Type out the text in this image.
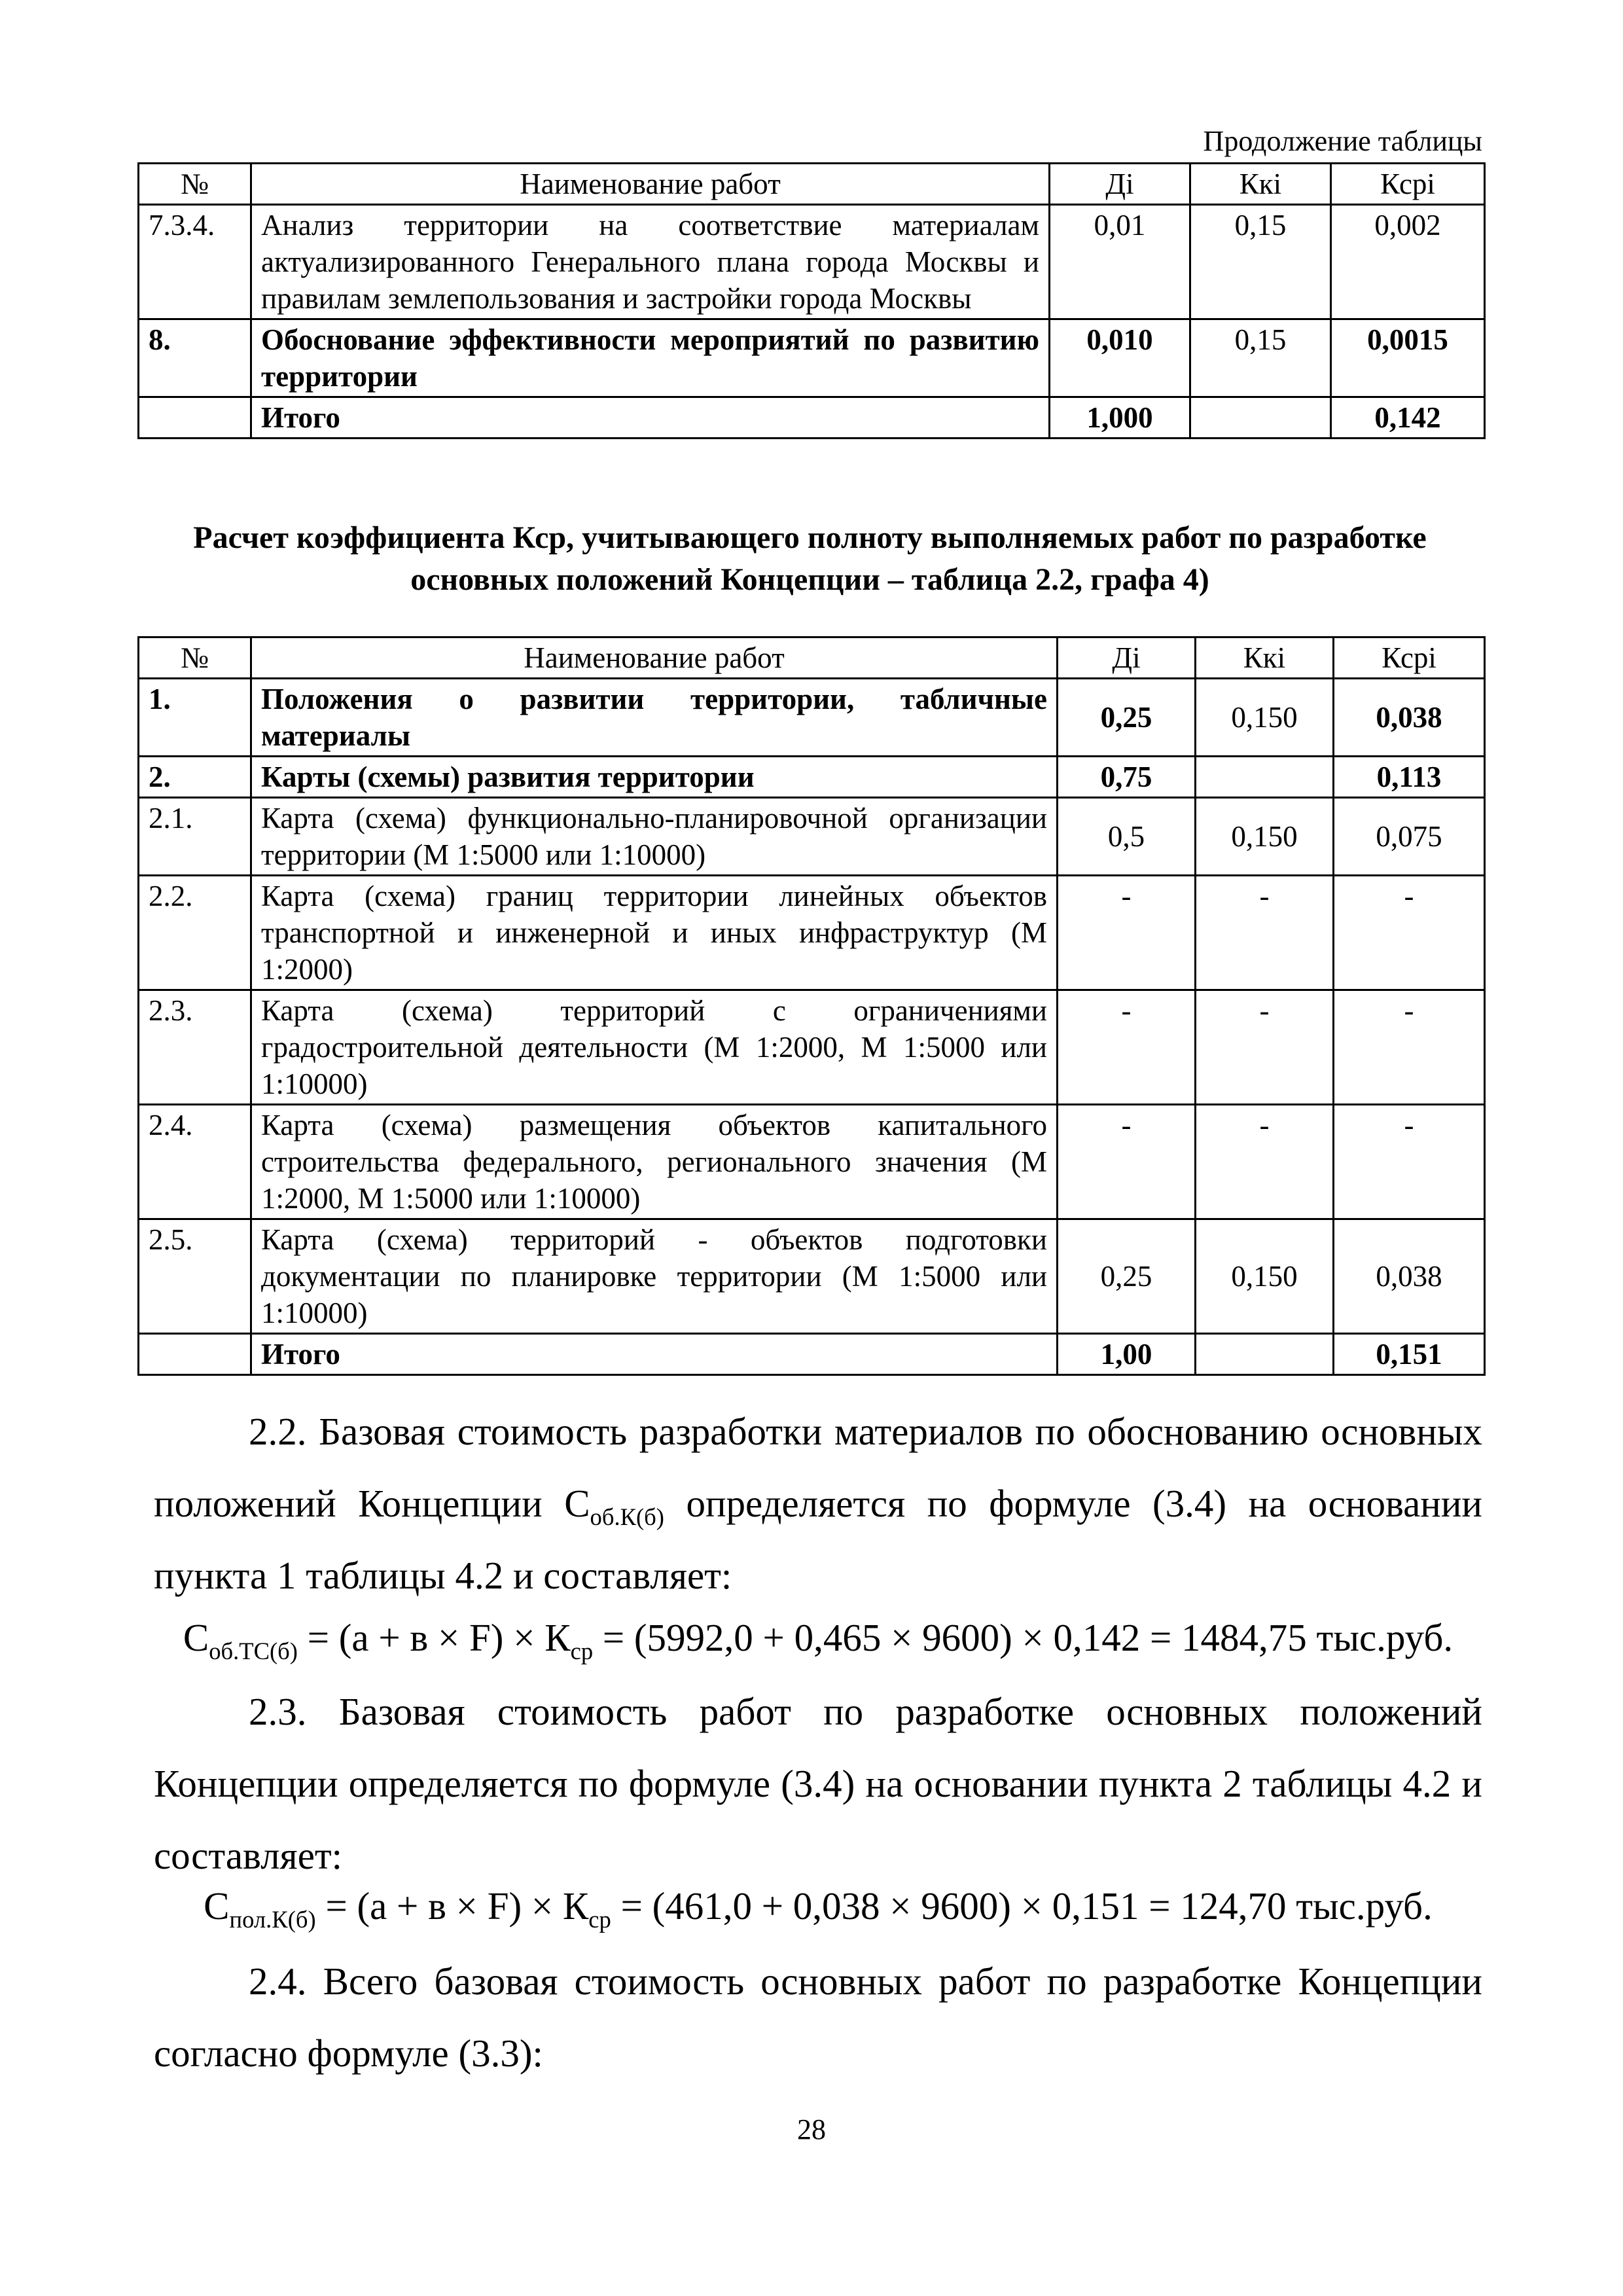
Продолжение таблицы
№	Наименование работ	Дi	Ккi	Ксрi
7.3.4.	Анализ территории на соответствие материалам актуализированного Генерального плана города Москвы и правилам землепользования и застройки города Москвы	0,01	0,15	0,002
8.	Обоснование эффективности мероприятий по развитию территории	0,010	0,15	0,0015
	Итого	1,000		0,142
Расчет коэффициента Кср, учитывающего полноту выполняемых работ по разработке основных положений Концепции – таблица 2.2, графа 4)
№	Наименование работ	Дi	Ккi	Ксрi
1.	Положения о развитии территории, табличные материалы	0,25	0,150	0,038
2.	Карты (схемы) развития территории	0,75		0,113
2.1.	Карта (схема) функционально-планировочной организации территории (М 1:5000 или 1:10000)	0,5	0,150	0,075
2.2.	Карта (схема) границ территории линейных объектов транспортной и инженерной и иных инфраструктур (М 1:2000)	-	-	-
2.3.	Карта (схема) территорий с ограничениями градостроительной деятельности (М 1:2000, М 1:5000 или 1:10000)	-	-	-
2.4.	Карта (схема) размещения объектов капитального строительства федерального, регионального значения (М 1:2000, М 1:5000 или 1:10000)	-	-	-
2.5.	Карта (схема) территорий - объектов подготовки документации по планировке территории (М 1:5000 или 1:10000)	0,25	0,150	0,038
	Итого	1,00		0,151
2.2. Базовая стоимость разработки материалов по обоснованию основных положений Концепции $С_{об.К(б)}$ определяется по формуле (3.4) на основании пункта 1 таблицы 4.2 и составляет:
$С_{об.ТС(б)} = (а + в \times F) \times К_{ср} = (5992,0 + 0,465 \times 9600) \times 0,142 = 1484,75$ тыс.руб.
2.3. Базовая стоимость работ по разработке основных положений Концепции определяется по формуле (3.4) на основании пункта 2 таблицы 4.2 и составляет:
$С_{пол.К(б)} = (а + в \times F) \times К_{ср} = (461,0 + 0,038 \times 9600) \times 0,151 = 124,70$ тыс.руб.
2.4. Всего базовая стоимость основных работ по разработке Концепции согласно формуле (3.3):
28
